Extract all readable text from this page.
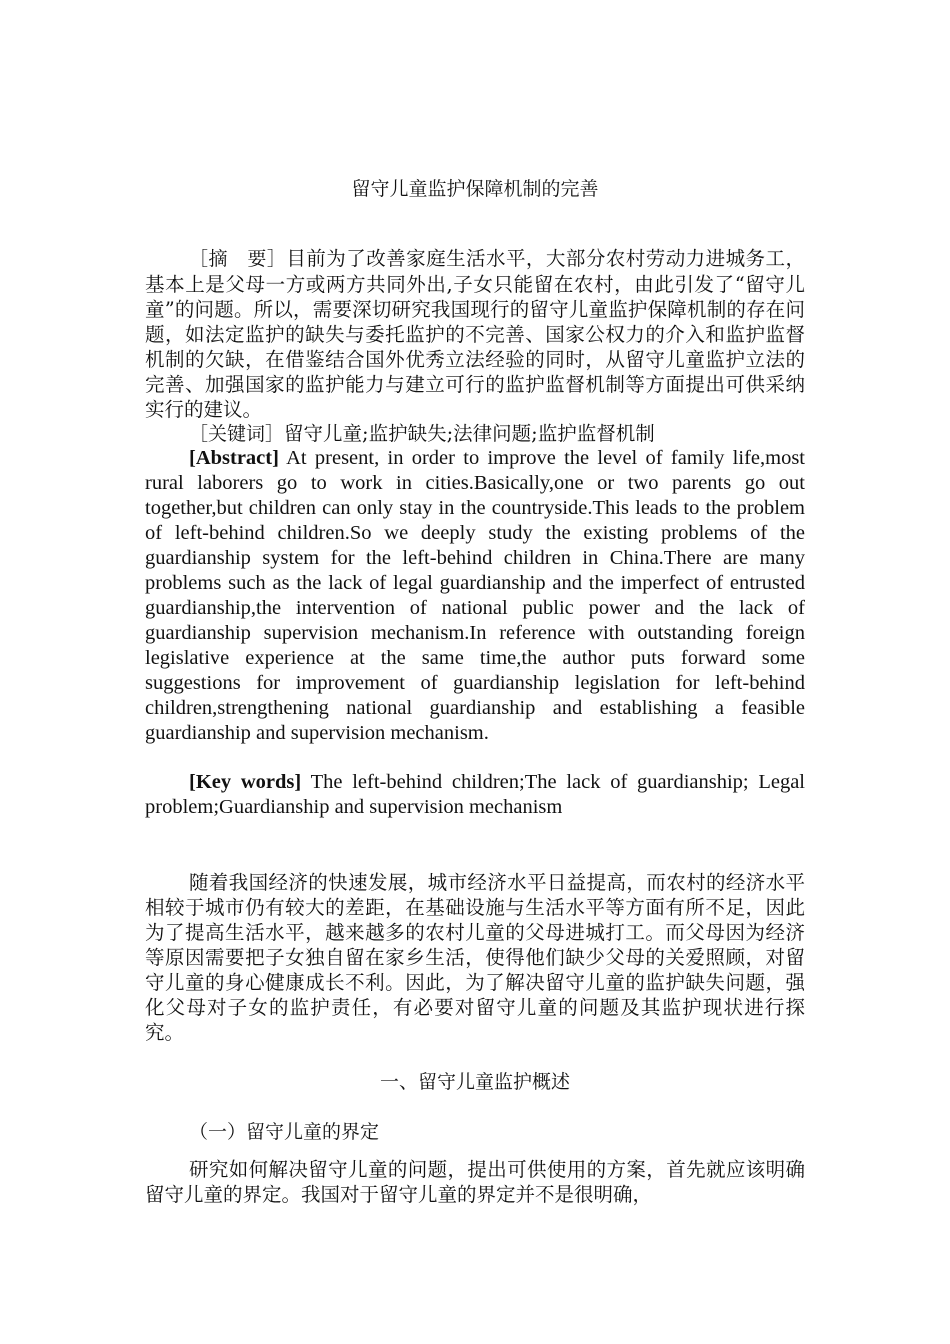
留守儿童监护保障机制的完善
［摘　要］目前为了改善家庭生活水平，大部分农村劳动力进城务工，基本上是父母一方或两方共同外出,子女只能留在农村，由此引发了“留守儿童”的问题。所以，需要深切研究我国现行的留守儿童监护保障机制的存在问题，如法定监护的缺失与委托监护的不完善、国家公权力的介入和监护监督机制的欠缺，在借鉴结合国外优秀立法经验的同时，从留守儿童监护立法的完善、加强国家的监护能力与建立可行的监护监督机制等方面提出可供采纳实行的建议。
［关键词］留守儿童;监护缺失;法律问题;监护监督机制
[Abstract] At present, in order to improve the level of family life,most rural laborers go to work in cities.Basically,one or two parents go out together,but children can only stay in the countryside.This leads to the problem of left-behind children.So we deeply study the existing problems of the guardianship system for the left-behind children in China.There are many problems such as the lack of legal guardianship and the imperfect of entrusted guardianship,the intervention of national public power and the lack of guardianship supervision mechanism.In reference with outstanding foreign legislative experience at the same time,the author puts forward some suggestions for improvement of guardianship legislation for left-behind children,strengthening national guardianship and establishing a feasible guardianship and supervision mechanism.
[Key words] The left-behind children;The lack of guardianship; Legal problem;Guardianship and supervision mechanism
随着我国经济的快速发展，城市经济水平日益提高，而农村的经济水平相较于城市仍有较大的差距，在基础设施与生活水平等方面有所不足，因此为了提高生活水平，越来越多的农村儿童的父母进城打工。而父母因为经济等原因需要把子女独自留在家乡生活，使得他们缺少父母的关爱照顾，对留守儿童的身心健康成长不利。因此，为了解决留守儿童的监护缺失问题，强化父母对子女的监护责任，有必要对留守儿童的问题及其监护现状进行探究。
一、留守儿童监护概述
（一）留守儿童的界定
研究如何解决留守儿童的问题，提出可供使用的方案，首先就应该明确留守儿童的界定。我国对于留守儿童的界定并不是很明确，
